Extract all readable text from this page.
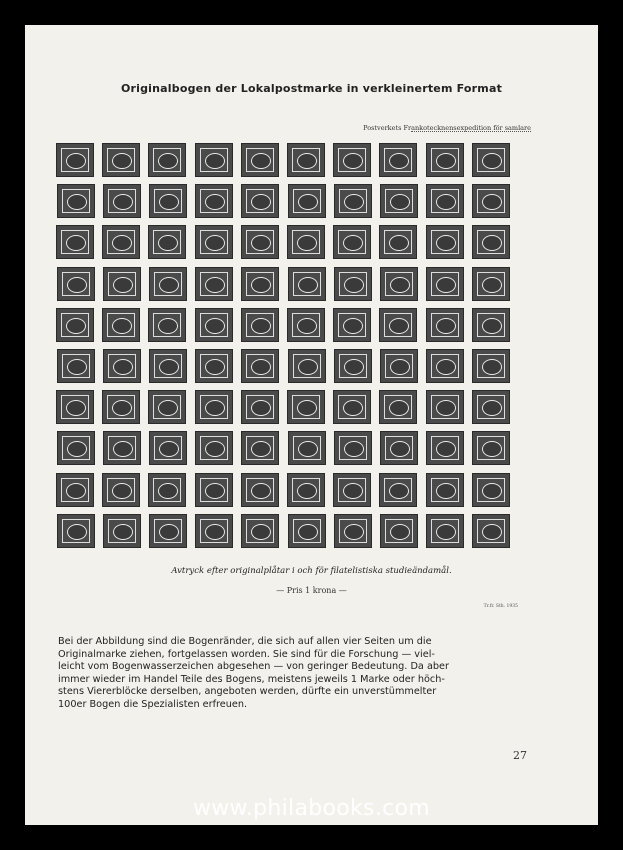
Originalbogen der Lokalpostmarke in verkleinertem Format
Postverkets Frankotecknensexpedition för samlare
Avtryck efter originalplåtar i och för filatelistiska studieändamål.
— Pris 1 krona —
Tr.fr. Sth. 1935

Bei der Abbildung sind die Bogenränder, die sich auf allen vier Seiten um die

Originalmarke ziehen, fortgelassen worden. Sie sind für die Forschung — viel-

leicht vom Bogenwasserzeichen abgesehen — von geringer Bedeutung. Da aber

immer wieder im Handel Teile des Bogens, meistens jeweils 1 Marke oder höch-

stens Viererblöcke derselben, angeboten werden, dürfte ein unverstümmelter

100er Bogen die Spezialisten erfreuen.

27
www.philabooks.com
